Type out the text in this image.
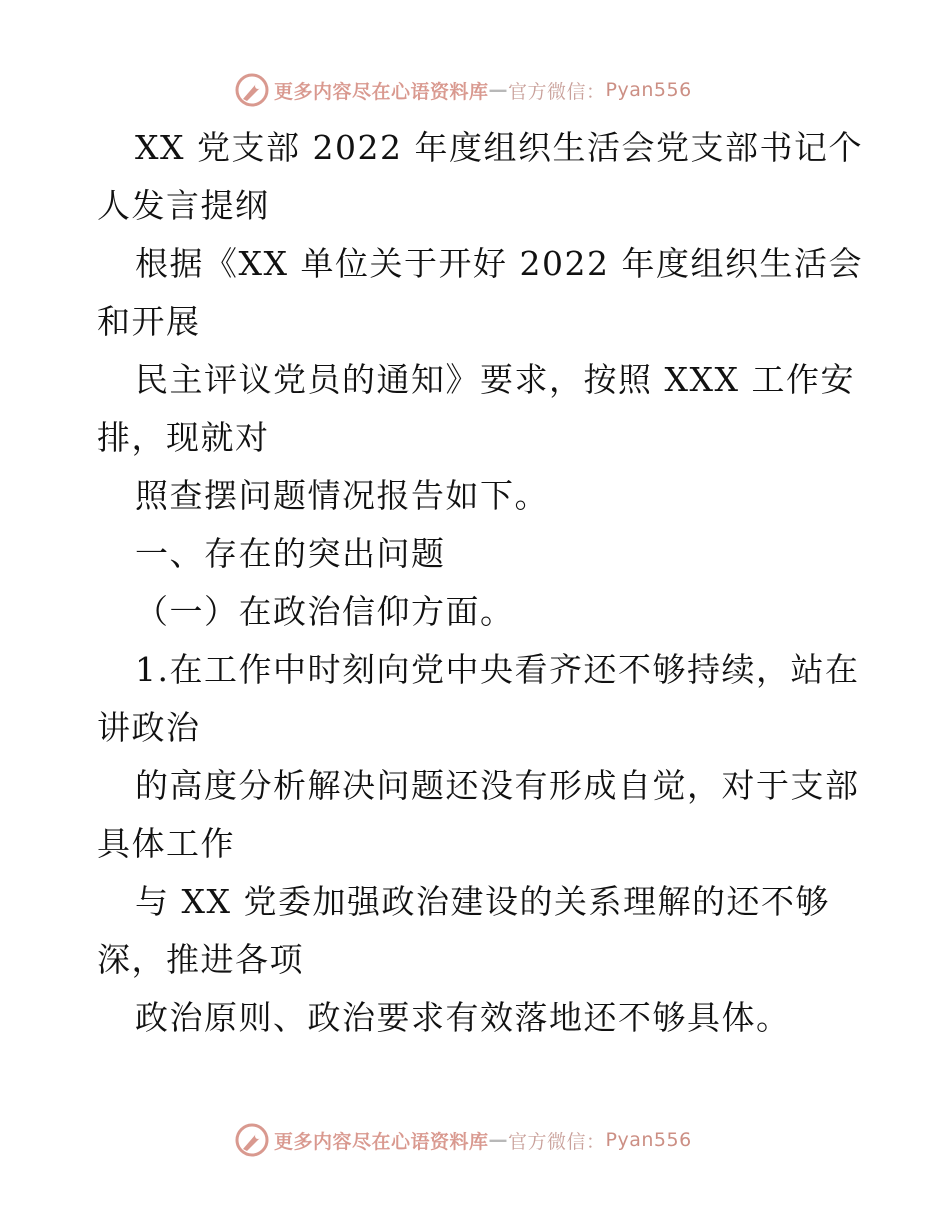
更多内容尽在心语资料库 — 官方微信： Pyan556
XX 党支部 2022 年度组织生活会党支部书记个
人发言提纲
根据《XX 单位关于开好 2022 年度组织生活会
和开展
民主评议党员的通知》要求，按照 XXX 工作安
排，现就对
照查摆问题情况报告如下。
一、存在的突出问题
（一）在政治信仰方面。
1.在工作中时刻向党中央看齐还不够持续，站在
讲政治
的高度分析解决问题还没有形成自觉，对于支部
具体工作
与 XX 党委加强政治建设的关系理解的还不够
深，推进各项
政治原则、政治要求有效落地还不够具体。
更多内容尽在心语资料库 — 官方微信： Pyan556
